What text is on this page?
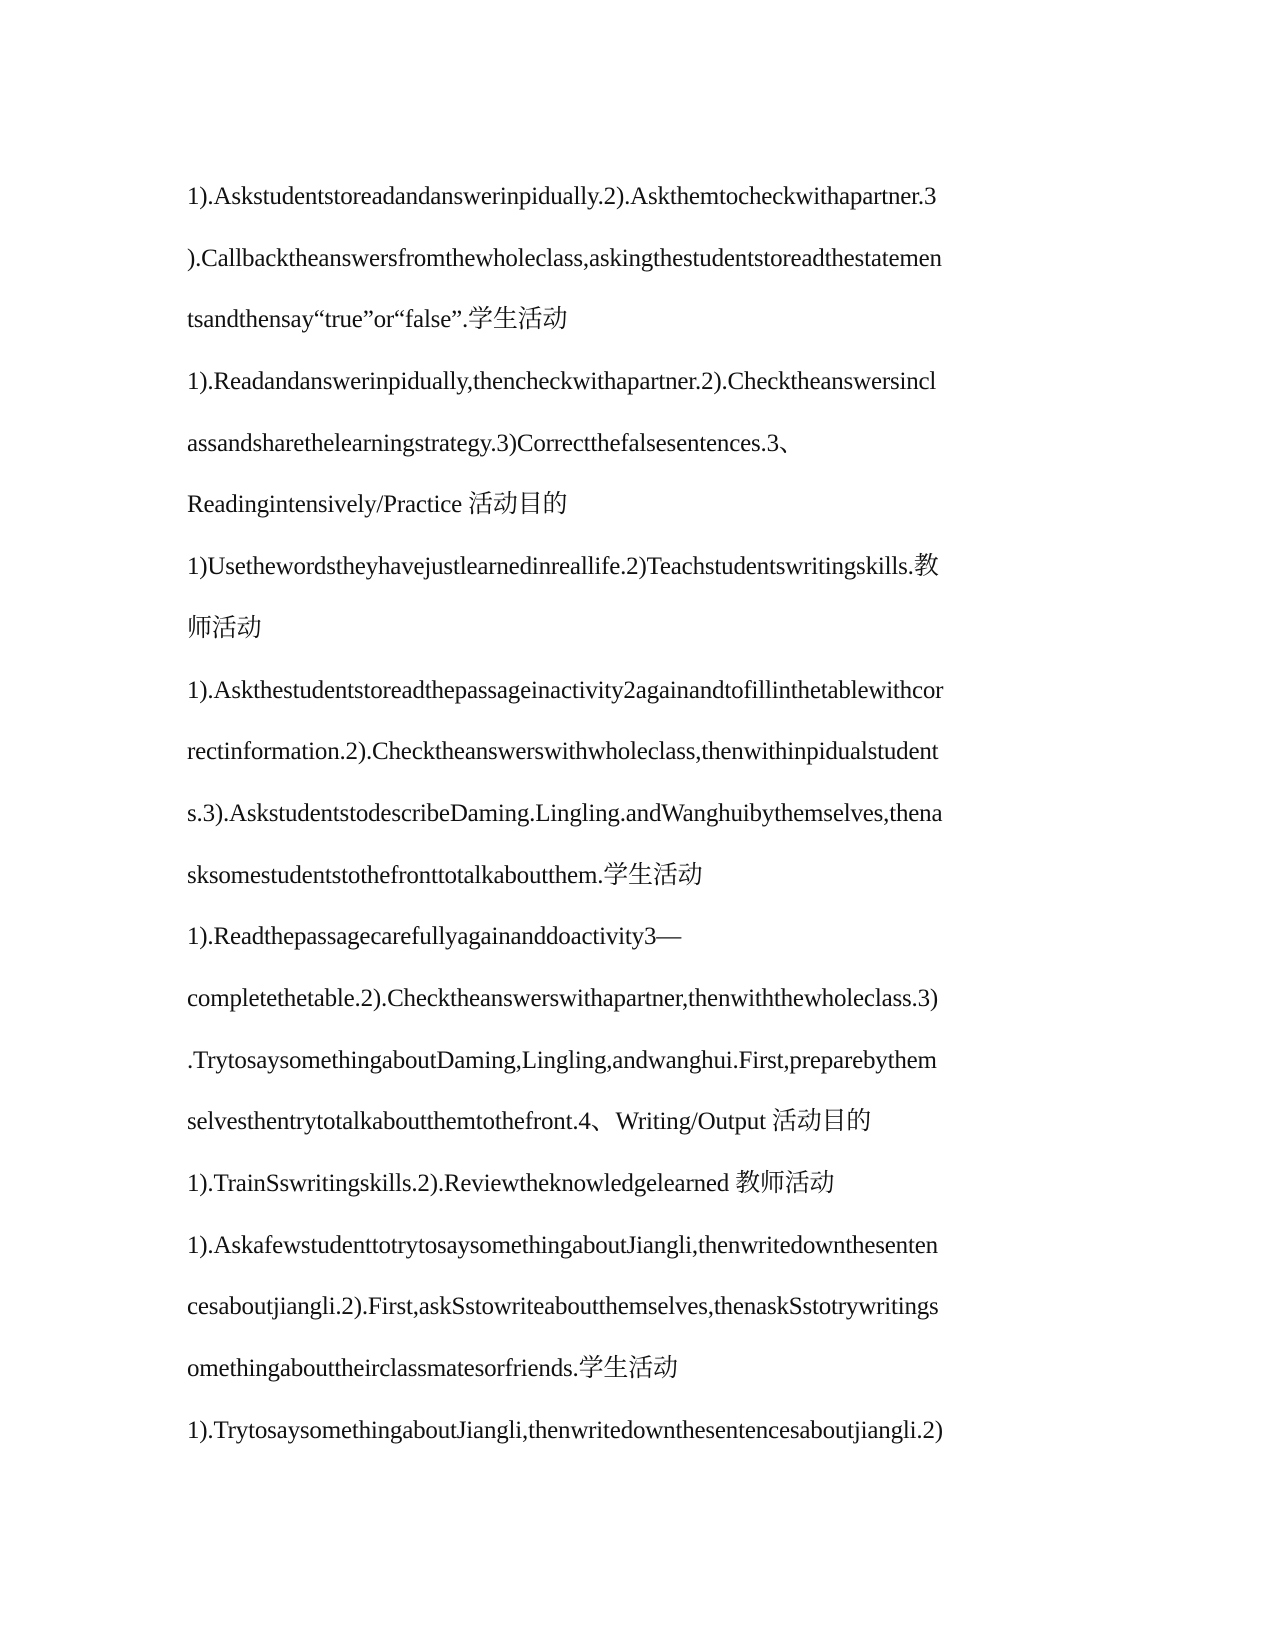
1).Askstudentstoreadandanswerinpidually.2).Askthemtocheckwithapartner.3
).Callbacktheanswersfromthewholeclass,askingthestudentstoreadthestatemen
tsandthensay“true”or“false”.学生活动
1).Readandanswerinpidually,thencheckwithapartner.2).Checktheanswersincl
assandsharethelearningstrategy.3)Correctthefalsesentences.3、
Readingintensively/Practice 活动目的
1)Usethewordstheyhavejustlearnedinreallife.2)Teachstudentswritingskills.教
师活动
1).Askthestudentstoreadthepassageinactivity2againandtofillinthetablewithcor
rectinformation.2).Checktheanswerswithwholeclass,thenwithinpidualstudent
s.3).AskstudentstodescribeDaming.Lingling.andWanghuibythemselves,thena
sksomestudentstothefronttotalkaboutthem.学生活动
1).Readthepassagecarefullyagainanddoactivity3—
completethetable.2).Checktheanswerswithapartner,thenwiththewholeclass.3)
.TrytosaysomethingaboutDaming,Lingling,andwanghui.First,preparebythem
selvesthentrytotalkaboutthemtothefront.4、Writing/Output 活动目的
1).TrainSswritingskills.2).Reviewtheknowledgelearned 教师活动
1).AskafewstudenttotrytosaysomethingaboutJiangli,thenwritedownthesenten
cesaboutjiangli.2).First,askSstowriteaboutthemselves,thenaskSstotrywritings
omethingabouttheirclassmatesorfriends.学生活动
1).TrytosaysomethingaboutJiangli,thenwritedownthesentencesaboutjiangli.2)
